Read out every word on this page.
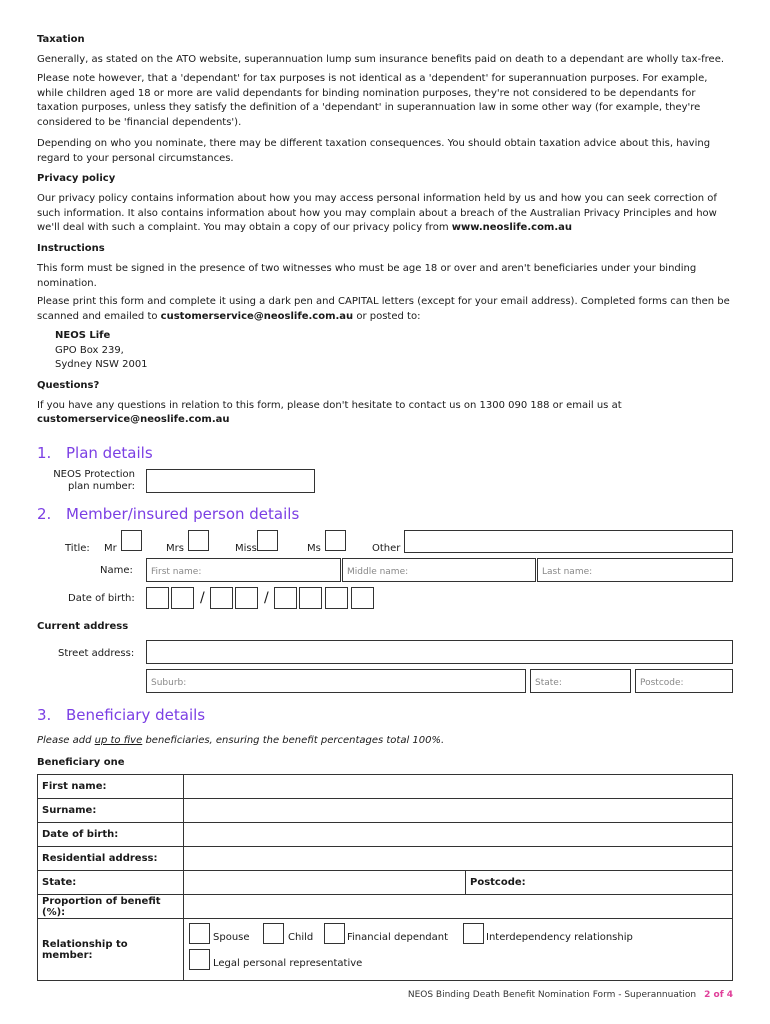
Taxation
Generally, as stated on the ATO website, superannuation lump sum insurance benefits paid on death to a dependant are wholly tax-free.
Please note however, that a 'dependant' for tax purposes is not identical as a 'dependent' for superannuation purposes. For example, while children aged 18 or more are valid dependants for binding nomination purposes, they're not considered to be dependants for taxation purposes, unless they satisfy the definition of a 'dependant' in superannuation law in some other way (for example, they're considered to be 'financial dependents').
Depending on who you nominate, there may be different taxation consequences. You should obtain taxation advice about this, having regard to your personal circumstances.
Privacy policy
Our privacy policy contains information about how you may access personal information held by us and how you can seek correction of such information. It also contains information about how you may complain about a breach of the Australian Privacy Principles and how we'll deal with such a complaint. You may obtain a copy of our privacy policy from www.neoslife.com.au
Instructions
This form must be signed in the presence of two witnesses who must be age 18 or over and aren't beneficiaries under your binding nomination.
Please print this form and complete it using a dark pen and CAPITAL letters (except for your email address). Completed forms can then be scanned and emailed to customerservice@neoslife.com.au or posted to:
NEOS Life
GPO Box 239,
Sydney NSW 2001
Questions?
If you have any questions in relation to this form, please don't hesitate to contact us on 1300 090 188 or email us at
customerservice@neoslife.com.au
1. Plan details
NEOS Protection
plan number:
2. Member/insured person details
Title: Mr	Mrs	Miss	Ms	Other
Name: First name:	Middle name:	Last name:
Date of birth:	/	/
Current address
Street address:
Suburb:	State:	Postcode:
3. Beneficiary details
Please add up to five beneficiaries, ensuring the benefit percentages total 100%.
Beneficiary one
First name:		
Surname:		
Date of birth:		
Residential address:		
State:		Postcode:
Proportion of benefit (%):		
Relationship to member:	Spouse Child Financial dependant Interdependency relationship
Legal personal representative	
NEOS Binding Death Benefit Nomination Form - Superannuation 2 of 4
